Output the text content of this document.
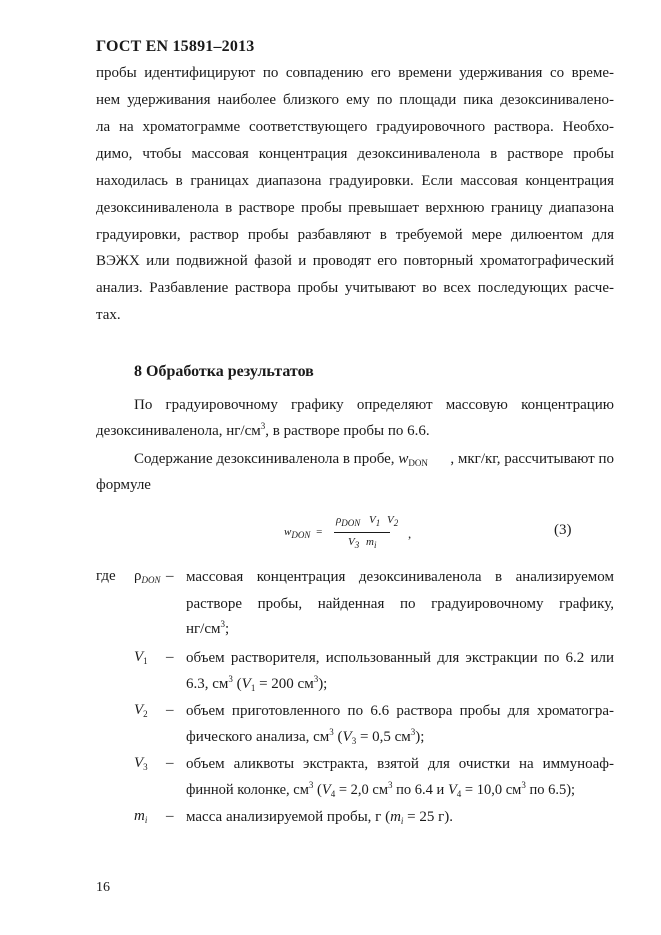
ГОСТ EN 15891–2013
пробы идентифицируют по совпадению его времени удерживания со време-
нем удерживания наиболее близкого ему по площади пика дезоксинивалено-
ла на хроматограмме соответствующего градуировочного раствора. Необхо-
димо, чтобы массовая концентрация дезоксиниваленола в растворе пробы
находилась в границах диапазона градуировки. Если массовая концентрация
дезоксиниваленола в растворе пробы превышает верхнюю границу диапазона
градуировки, раствор пробы разбавляют в требуемой мере дилюентом для
ВЭЖХ или подвижной фазой и проводят его повторный хроматографический
анализ. Разбавление раствора пробы учитывают во всех последующих расче-
тах.
8 Обработка результатов
По градуировочному графику определяют массовую концентрацию
дезоксиниваленола, $нг/см^3$, в растворе пробы по 6.6.
Содержание дезоксиниваленола в пробе, $w_{DON}$ , мкг/кг, рассчитывают по
формуле
$w_{DON}$ =
$\rho_{DON}$ $V_1$ $V_2$
$V_3$ $m_i$
,	(3)
где $\rho_{DON}$ – массовая концентрация дезоксиниваленола в анализируемом
растворе пробы, найденная по градуировочному графику,
$нг/см^3$;
$V_1$ – объем растворителя, использованный для экстракции по 6.2 или
6.3, $см^3$ ($V_1 = 200$ $см^3$);
$V_2$ – объем приготовленного по 6.6 раствора пробы для хроматогра-
фического анализа, $см^3$ ($V_3 = 0,5$ $см^3$);
$V_3$ – объем аликвоты экстракта, взятой для очистки на иммуноаф-
финной колонке, $см^3$ ($V_4 = 2,0$ $см^3$ по 6.4 и $V_4 = 10,0$ $см^3$ по 6.5);
$m_i$ – масса анализируемой пробы, г ($m_i = 25$ г).
16
